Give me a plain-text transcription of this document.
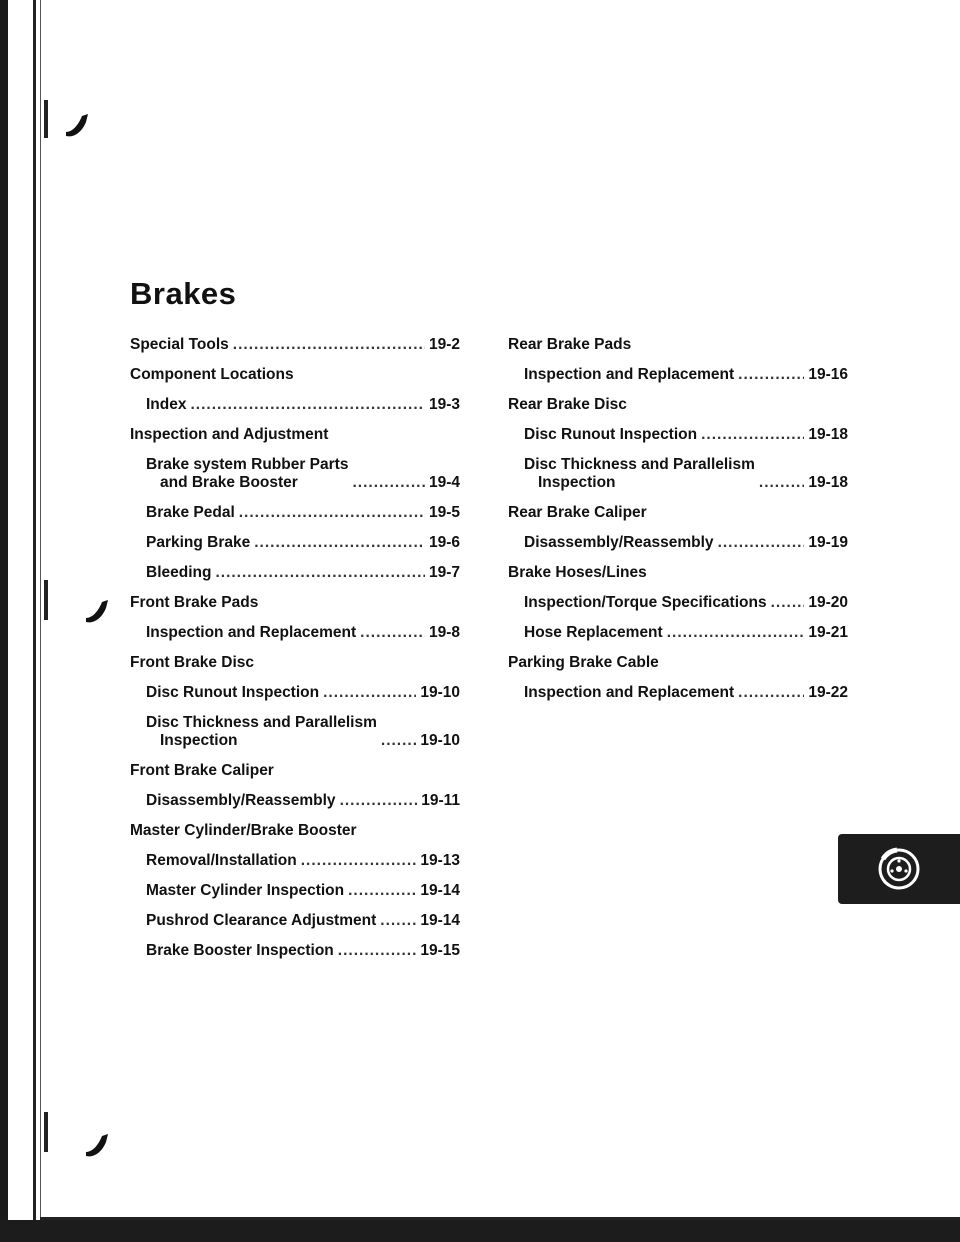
Brakes
Special Tools .....	19-2
Component Locations
Index .....	19-3
Inspection and Adjustment
Brake system Rubber Parts
and Brake Booster .....	19-4
Brake Pedal .....	19-5
Parking Brake .....	19-6
Bleeding .....	19-7
Front Brake Pads
Inspection and Replacement .....	19-8
Front Brake Disc
Disc Runout Inspection .....	19-10
Disc Thickness and Parallelism
Inspection .....	19-10
Front Brake Caliper
Disassembly/Reassembly .....	19-11
Master Cylinder/Brake Booster
Removal/Installation .....	19-13
Master Cylinder Inspection .....	19-14
Pushrod Clearance Adjustment .....	19-14
Brake Booster Inspection .....	19-15
Rear Brake Pads
Inspection and Replacement .....	19-16
Rear Brake Disc
Disc Runout Inspection .....	19-18
Disc Thickness and Parallelism
Inspection .....	19-18
Rear Brake Caliper
Disassembly/Reassembly .....	19-19
Brake Hoses/Lines
Inspection/Torque Specifications .....	19-20
Hose Replacement .....	19-21
Parking Brake Cable
Inspection and Replacement .....	19-22
